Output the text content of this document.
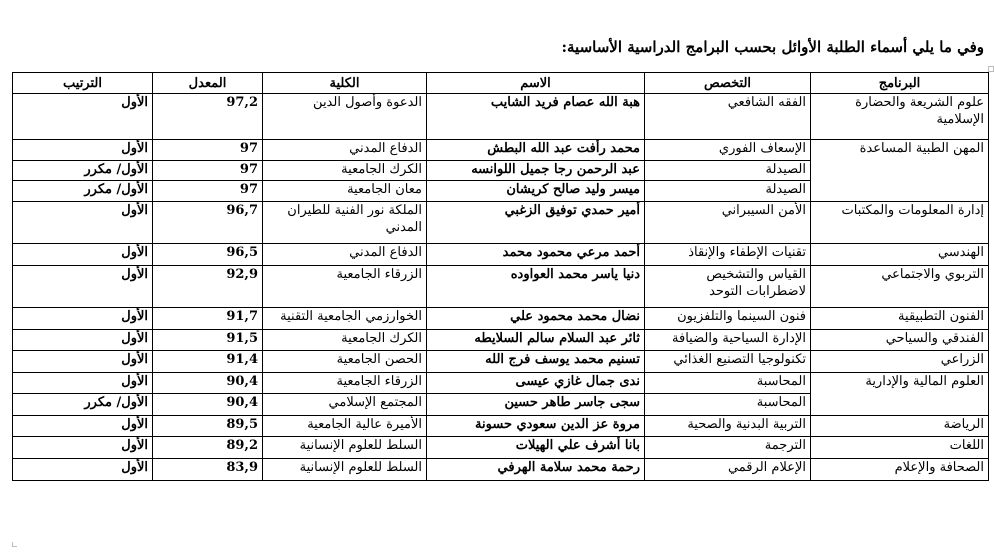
وفي ما يلي أسماء الطلبة الأوائل بحسب البرامج الدراسية الأساسية:
البرنامج	التخصص	الاسم	الكلية	المعدل	الترتيب
علوم الشريعة والحضارة الإسلامية	الفقه الشافعي	هبة الله عصام فريد الشايب	الدعوة وأصول الدين	97,2	الأول
المهن الطبية المساعدة	الإسعاف الفوري	محمد رأفت عبد الله البطش	الدفاع المدني	97	الأول
	الصيدلة	عبد الرحمن رجا جميل اللوانسه	الكرك الجامعية	97	الأول/ مكرر
	الصيدلة	ميسر وليد صالح كريشان	معان الجامعية	97	الأول/ مكرر
إدارة المعلومات والمكتبات	الأمن السيبراني	أمير حمدي توفيق الزغبي	الملكة نور الفنية للطيران المدني	96,7	الأول
الهندسي	تقنيات الإطفاء والإنقاذ	أحمد مرعي محمود محمد	الدفاع المدني	96,5	الأول
التربوي والاجتماعي	القياس والتشخيص لاضطرابات التوحد	دنيا ياسر محمد العواوده	الزرقاء الجامعية	92,9	الأول
الفنون التطبيقية	فنون السينما والتلفزيون	نضال محمد محمود علي	الخوارزمي الجامعية التقنية	91,7	الأول
الفندقي والسياحي	الإدارة السياحية والضيافة	ثائر عبد السلام سالم السلايطه	الكرك الجامعية	91,5	الأول
الزراعي	تكنولوجيا التصنيع الغذائي	تسنيم محمد يوسف فرج الله	الحصن الجامعية	91,4	الأول
العلوم المالية والإدارية	المحاسبة	ندى جمال غازي عيسى	الزرقاء الجامعية	90,4	الأول
	المحاسبة	سجى جاسر طاهر حسين	المجتمع الإسلامي	90,4	الأول/ مكرر
الرياضة	التربية البدنية والصحية	مروة عز الدين سعودي حسونة	الأميرة عالية الجامعية	89,5	الأول
اللغات	الترجمة	بانا أشرف علي الهيلات	السلط للعلوم الإنسانية	89,2	الأول
الصحافة والإعلام	الإعلام الرقمي	رحمة محمد سلامة الهرفي	السلط للعلوم الإنسانية	83,9	الأول
